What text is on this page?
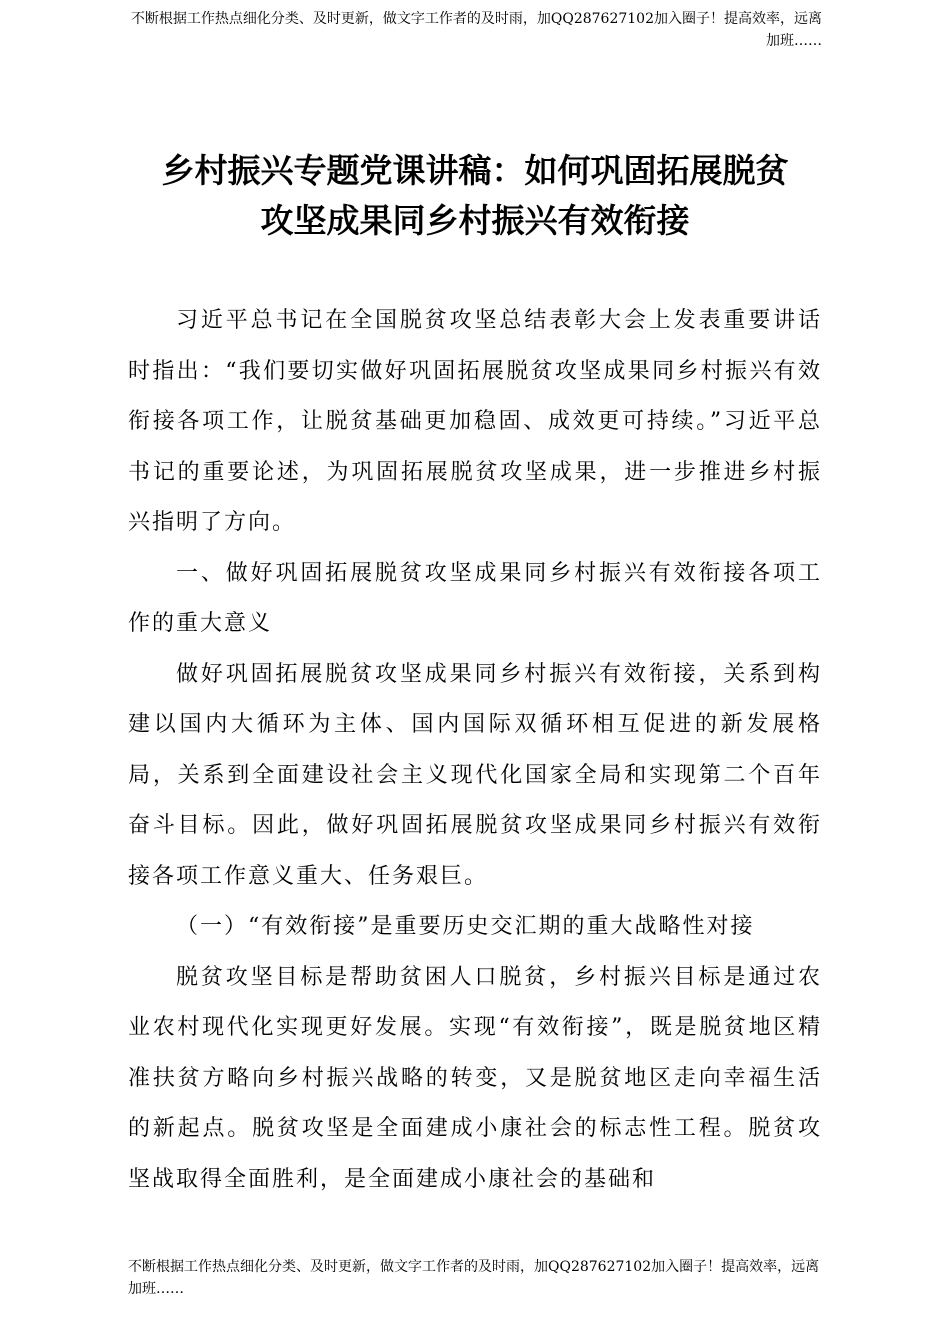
不断根据工作热点细化分类、及时更新，做文字工作者的及时雨，加QQ287627102加入圈子！提高效率，远离加班……
乡村振兴专题党课讲稿：如何巩固拓展脱贫
攻坚成果同乡村振兴有效衔接

习近平总书记在全国脱贫攻坚总结表彰大会上发表重要讲话时指出：“我们要切实做好巩固拓展脱贫攻坚成果同乡村振兴有效衔接各项工作，让脱贫基础更加稳固、成效更可持续。”习近平总书记的重要论述，为巩固拓展脱贫攻坚成果，进一步推进乡村振兴指明了方向。

一、做好巩固拓展脱贫攻坚成果同乡村振兴有效衔接各项工作的重大意义

做好巩固拓展脱贫攻坚成果同乡村振兴有效衔接，关系到构建以国内大循环为主体、国内国际双循环相互促进的新发展格局，关系到全面建设社会主义现代化国家全局和实现第二个百年奋斗目标。因此，做好巩固拓展脱贫攻坚成果同乡村振兴有效衔接各项工作意义重大、任务艰巨。

（一）“有效衔接”是重要历史交汇期的重大战略性对接

脱贫攻坚目标是帮助贫困人口脱贫，乡村振兴目标是通过农业农村现代化实现更好发展。实现“有效衔接”，既是脱贫地区精准扶贫方略向乡村振兴战略的转变，又是脱贫地区走向幸福生活的新起点。脱贫攻坚是全面建成小康社会的标志性工程。脱贫攻坚战取得全面胜利，是全面建成小康社会的基础和

不断根据工作热点细化分类、及时更新，做文字工作者的及时雨，加QQ287627102加入圈子！提高效率，远离加班……
